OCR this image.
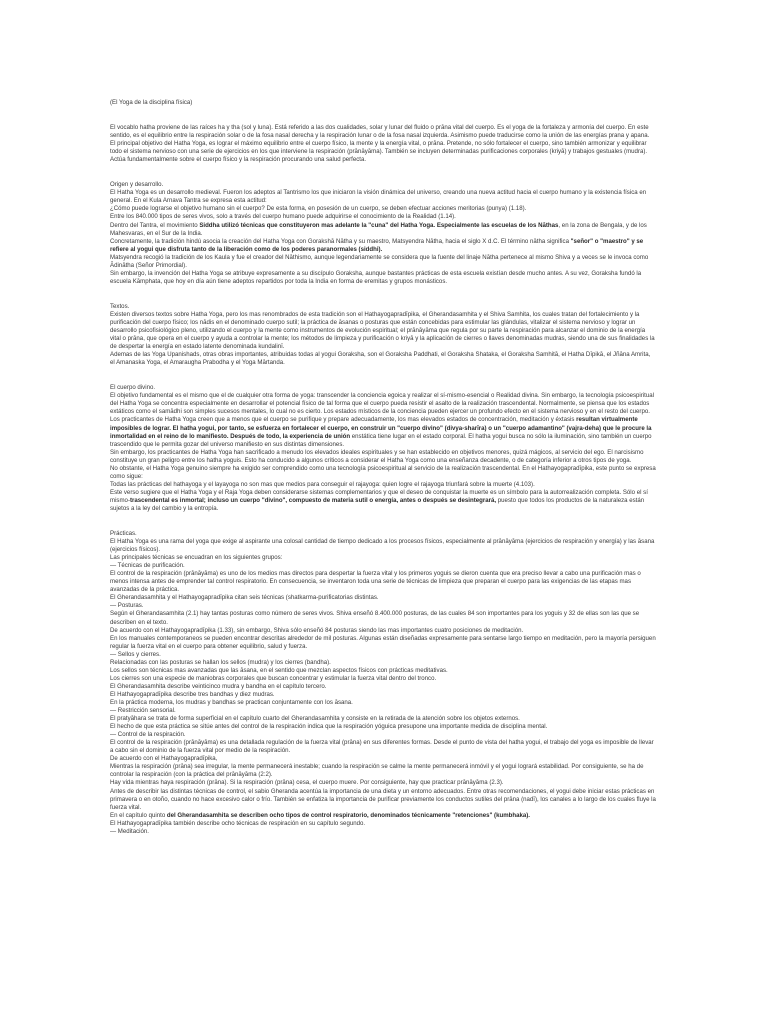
(El Yoga de la disciplina física)

El vocablo hatha proviene de las raíces ha y tha (sol y luna). Está referido a las dos cualidades, solar y lunar del fluido o prāna vital del cuerpo. Es el yoga de la fortaleza y armonía del cuerpo. En este sentido, es el equilibrio entre la respiración solar o de la fosa nasal derecha y la respiración lunar o de la fosa nasal izquierda. Asimismo puede traducirse como la unión de las energías prana y apana.

El principal objetivo del Hatha Yoga, es lograr el máximo equilibrio entre el cuerpo físico, la mente y la energía vital, o prāna. Pretende, no sólo fortalecer el cuerpo, sino también armonizar y equilibrar todo el sistema nervioso con una serie de ejercicios en los que interviene la respiración (prānāyāma). También se incluyen determinadas purificaciones corporales (kriyā) y trabajos gestuales (mudra). Actúa fundamentalmente sobre el cuerpo físico y la respiración procurando una salud perfecta.

Origen y desarrollo.

El Hatha Yoga es un desarrollo medieval. Fueron los adeptos al Tantrismo los que iniciaron la visión dinámica del universo, creando una nueva actitud hacia el cuerpo humano y la existencia física en general. En el Kula Arnava Tantra se expresa esta actitud:

¿Cómo puede lograrse el objetivo humano sin el cuerpo? De esta forma, en posesión de un cuerpo, se deben efectuar acciones meritorias (punya) (1.18).

Entre los 840.000 tipos de seres vivos, solo a través del cuerpo humano puede adquirirse el conocimiento de la Realidad (1.14).

Dentro del Tantra, el movimiento Siddha utilizó técnicas que constituyeron mas adelante la "cuna" del Hatha Yoga. Especialmente las escuelas de los Nāthas, en la zona de Bengala, y de los Mahesvaras, en el Sur de la India.

Concretamente, la tradición hindú asocia la creación del Hatha Yoga con Gorakshā Nātha y su maestro, Matsyendra Nātha, hacia el siglo X d.C. El término nātha significa "señor" o "maestro" y se refiere al yogui que disfruta tanto de la liberación como de los poderes paranormales (siddhi).

Matsyendra recogió la tradición de los Kaula y fue el creador del Nāthismo, aunque legendariamente se considera que la fuente del linaje Nātha pertenece al mismo Shiva y a veces se le invoca como Ādinātha (Señor Primordial).

Sin embargo, la invención del Hatha Yoga se atribuye expresamente a su discípulo Goraksha, aunque bastantes prácticas de esta escuela existían desde mucho antes. A su vez, Goraksha fundó la escuela Kāmphata, que hoy en día aún tiene adeptos repartidos por toda la India en forma de eremitas y grupos monásticos.

Textos.

Existen diversos textos sobre Hatha Yoga, pero los mas renombrados de esta tradición son el Hathayogapradīpika, el Gherandasamhita y el Shiva Samhita, los cuales tratan del fortalecimiento y la purificación del cuerpo físico; los nādis en el denominado cuerpo sutil; la práctica de āsanas o posturas que están concebidas para estimular las glándulas, vitalizar el sistema nervioso y lograr un desarrollo psicofisiológico pleno, utilizando el cuerpo y la mente como instrumentos de evolución espiritual; el prānāyāma que regula por su parte la respiración para alcanzar el dominio de la energía vital o prāna, que opera en el cuerpo y ayuda a controlar la mente; los métodos de limpieza y purificación o kriyā y la aplicación de cierres o llaves denominadas mudras, siendo una de sus finalidades la de despertar la energía en estado latente denominada kundalinī.

Ademas de las Yoga Upanishads, otras obras importantes, atribuidas todas al yogui Goraksha, son el Goraksha Paddhati, el Goraksha Shataka, el Goraksha Samhitā, el Hatha Dīpikā, el Jñāna Amrita, el Amanaska Yoga, el Amaraugha Prabodha y el Yoga Mārtanda.

El cuerpo divino.

El objetivo fundamental es el mismo que el de cualquier otra forma de yoga: transcender la conciencia egoica y realizar el sí-mismo-esencial o Realidad divina. Sin embargo, la tecnología psicoespiritual del Hatha Yoga se concentra especialmente en desarrollar el potencial físico de tal forma que el cuerpo pueda resistir el asalto de la realización trascendental. Normalmente, se piensa que los estados extáticos como el samādhi son simples sucesos mentales, lo cual no es cierto. Los estados místicos de la conciencia pueden ejercer un profundo efecto en el sistema nervioso y en el resto del cuerpo.

Los practicantes de Hatha Yoga creen que a menos que el cuerpo se purifique y prepare adecuadamente, los mas elevados estados de concentración, meditación y éxtasis resultan virtualmente imposibles de lograr. El hatha yogui, por tanto, se esfuerza en fortalecer el cuerpo, en construir un "cuerpo divino" (divya-sharīra) o un "cuerpo adamantino" (vajra-deha) que le procure la inmortalidad en el reino de lo manifiesto. Después de todo, la experiencia de unión enstática tiene lugar en el estado corporal. El hatha yogui busca no sólo la iluminación, sino también un cuerpo trascendido que le permita gozar del universo manifiesto en sus distintas dimensiones.

Sin embargo, los practicantes de Hatha Yoga han sacrificado a menudo los elevados ideales espirituales y se han establecido en objetivos menores, quizá mágicos, al servicio del ego. El narcisismo constituye un gran peligro entre los hatha yoguis. Esto ha conducido a algunos críticos a considerar el Hatha Yoga como una enseñanza decadente, o de categoría inferior a otros tipos de yoga.

No obstante, el Hatha Yoga genuino siempre ha exigido ser comprendido como una tecnología psicoespiritual al servicio de la realización trascendental. En el Hathayogapradīpika, este punto se expresa como sigue:

Todas las prácticas del hathayoga y el layayoga no son mas que medios para conseguir el rajayoga: quien logre el rajayoga triunfará sobre la muerte (4.103).

Este verso sugiere que el Hatha Yoga y el Raja Yoga deben considerarse sistemas complementarios y que el deseo de conquistar la muerte es un símbolo para la autorrealización completa. Sólo el sí mismo-trascendental es inmortal; incluso un cuerpo "divino", compuesto de materia sutil o energía, antes o después se desintegrará, puesto que todos los productos de la naturaleza están sujetos a la ley del cambio y la entropía.

Prácticas.

El Hatha Yoga es una rama del yoga que exige al aspirante una colosal cantidad de tiempo dedicado a los procesos físicos, especialmente al prānāyāma (ejercicios de respiración y energía) y las āsana (ejercicios físicos).

Las principales técnicas se encuadran en los siguientes grupos:

— Técnicas de purificación.

El control de la respiración (prānāyāma) es uno de los medios mas directos para despertar la fuerza vital y los primeros yoguis se dieron cuenta que era preciso llevar a cabo una purificación mas o menos intensa antes de emprender tal control respiratorio. En consecuencia, se inventaron toda una serie de técnicas de limpieza que preparan el cuerpo para las exigencias de las etapas mas avanzadas de la práctica.

El Gherandasamhita y el Hathayogapradīpika citan seis técnicas (shatkarma-purificatorias distintas.

— Posturas.

Según el Gherandasamhita (2.1) hay tantas posturas como número de seres vivos. Shiva enseñó 8.400.000 posturas, de las cuales 84 son importantes para los yoguis y 32 de ellas son las que se describen en el texto.

De acuerdo con el Hathayogapradīpika (1.33), sin embargo, Shiva sólo enseñó 84 posturas siendo las mas importantes cuatro posiciones de meditación.

En los manuales contemporaneos se pueden encontrar descritas alrededor de mil posturas. Algunas están diseñadas expresamente para sentarse largo tiempo en meditación, pero la mayoría persiguen regular la fuerza vital en el cuerpo para obtener equilibrio, salud y fuerza.

— Sellos y cierres.

Relacionadas con las posturas se hallan los sellos (mudra) y los cierres (bandha).

Los sellos son técnicas mas avanzadas que las āsana, en el sentido que mezclan aspectos físicos con prácticas meditativas.

Los cierres son una especie de maniobras corporales que buscan concentrar y estimular la fuerza vital dentro del tronco.

El Gherandasamhita describe veinticinco mudra y bandha en el capítulo tercero.

El Hathayogapradīpika describe tres bandhas y diez mudras.

En la práctica moderna, los mudras y bandhas se practican conjuntamente con los āsana.

— Restricción sensorial.

El pratyāhara se trata de forma superficial en el capítulo cuarto del Gherandasamhita y consiste en la retirada de la atención sobre los objetos externos.

El hecho de que esta práctica se sitúe antes del control de la respiración indica que la respiración yóguica presupone una importante medida de disciplina mental.

— Control de la respiración.

El control de la respiración (prānāyāma) es una detallada regulación de la fuerza vital (prāna) en sus diferentes formas. Desde el punto de vista del hatha yogui, el trabajo del yoga es imposible de llevar a cabo sin el dominio de la fuerza vital por medio de la respiración.

De acuerdo con el Hathayogapradīpika,

Mientras la respiración (prāna) sea irregular, la mente permanecerá inestable; cuando la respiración se calme la mente permanecerá inmóvil y el yogui logrará estabilidad. Por consiguiente, se ha de controlar la respiración (con la práctica del prānāyāma (2:2).

Hay vida mientras haya respiración (prāna). Si la respiración (prāna) cesa, el cuerpo muere. Por consiguiente, hay que practicar prānāyāma (2.3).

Antes de describir las distintas técnicas de control, el sabio Gheranda acentúa la importancia de una dieta y un entorno adecuados. Entre otras recomendaciones, el yogui debe iniciar estas prácticas en primavera o en otoño, cuando no hace excesivo calor o frío. También se enfatiza la importancia de purificar previamente los conductos sutiles del prāna (nadī), los canales a lo largo de los cuales fluye la fuerza vital.

En el capítulo quinto del Gherandasamhita se describen ocho tipos de control respiratorio, denominados técnicamente "retenciones" (kumbhaka).

El Hathayogapradīpika también describe ocho técnicas de respiración en su capítulo segundo.

— Meditación.
